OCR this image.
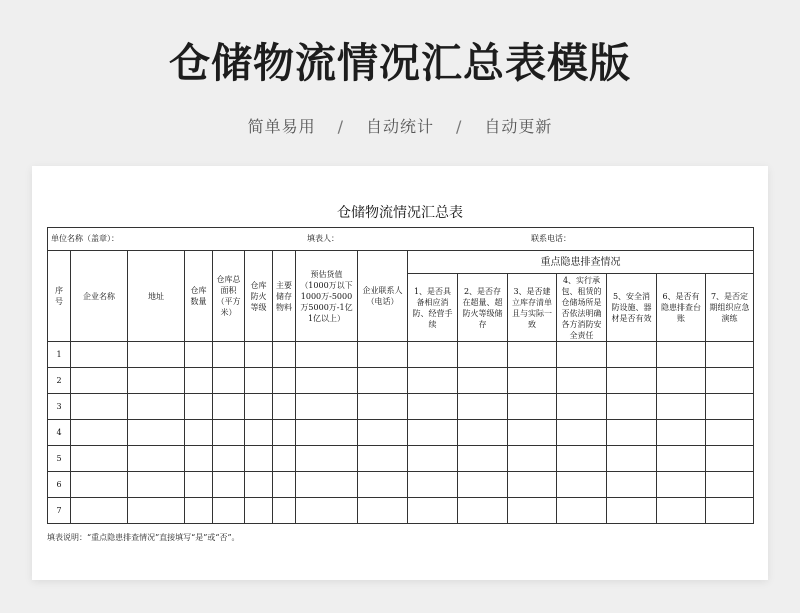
仓储物流情况汇总表模版
简单易用 / 自动统计 / 自动更新
仓储物流情况汇总表
单位名称（盖章）： 填表人： 联系电话：															

序号	企业名称	地址	仓库数量	仓库总面积（平方米）	仓库防火等级	主要储存物料	预估货值（1000万以下1000万-5000万5000万-1亿1亿以上）	企业联系人（电话）	重点隐患排查情况						
									1、是否具备相应消防、经营手续	2、是否存在超量、超防火等级储存	3、是否建立库存清单且与实际一致	4、实行承包、租赁的仓储场所是否依法明确各方消防安全责任	5、安全消防设施、器材是否有效	6、是否有隐患排查台账	7、是否定期组织应急演练
1															
2															
3															
4															
5															
6															
7															
填表说明：“重点隐患排查情况”直接填写“是”或“否”。
